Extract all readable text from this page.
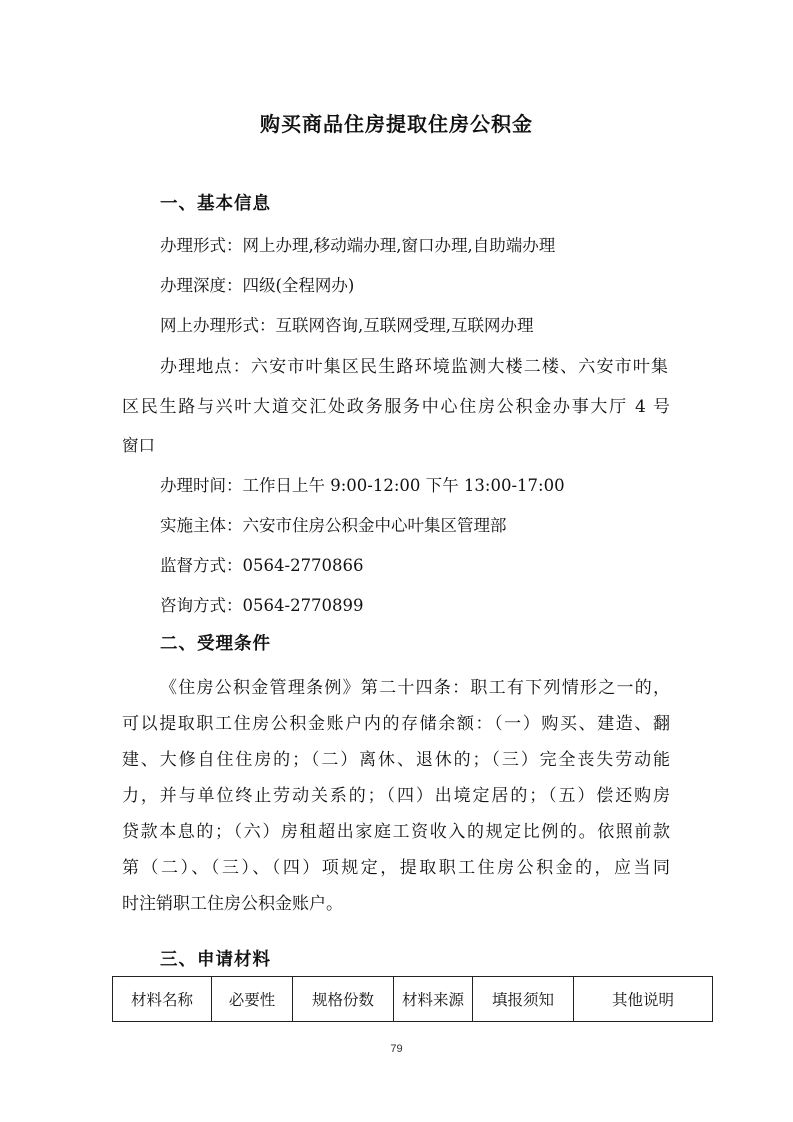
购买商品住房提取住房公积金
一、基本信息
办理形式：网上办理,移动端办理,窗口办理,自助端办理
办理深度：四级(全程网办)
网上办理形式：互联网咨询,互联网受理,互联网办理
办理地点：六安市叶集区民生路环境监测大楼二楼、六安市叶集
区民生路与兴叶大道交汇处政务服务中心住房公积金办事大厅 4 号
窗口
办理时间：工作日上午 9:00-12:00 下午 13:00-17:00
实施主体：六安市住房公积金中心叶集区管理部
监督方式：0564-2770866
咨询方式：0564-2770899
二、受理条件
《住房公积金管理条例》第二十四条：职工有下列情形之一的，
可以提取职工住房公积金账户内的存储余额：（一）购买、建造、翻
建、大修自住住房的；（二）离休、退休的；（三）完全丧失劳动能
力，并与单位终止劳动关系的；（四）出境定居的；（五）偿还购房
贷款本息的；（六）房租超出家庭工资收入的规定比例的。依照前款
第（二）、（三）、（四）项规定，提取职工住房公积金的，应当同
时注销职工住房公积金账户。
三、申请材料
材料名称	必要性	规格份数	材料来源	填报须知	其他说明
79
